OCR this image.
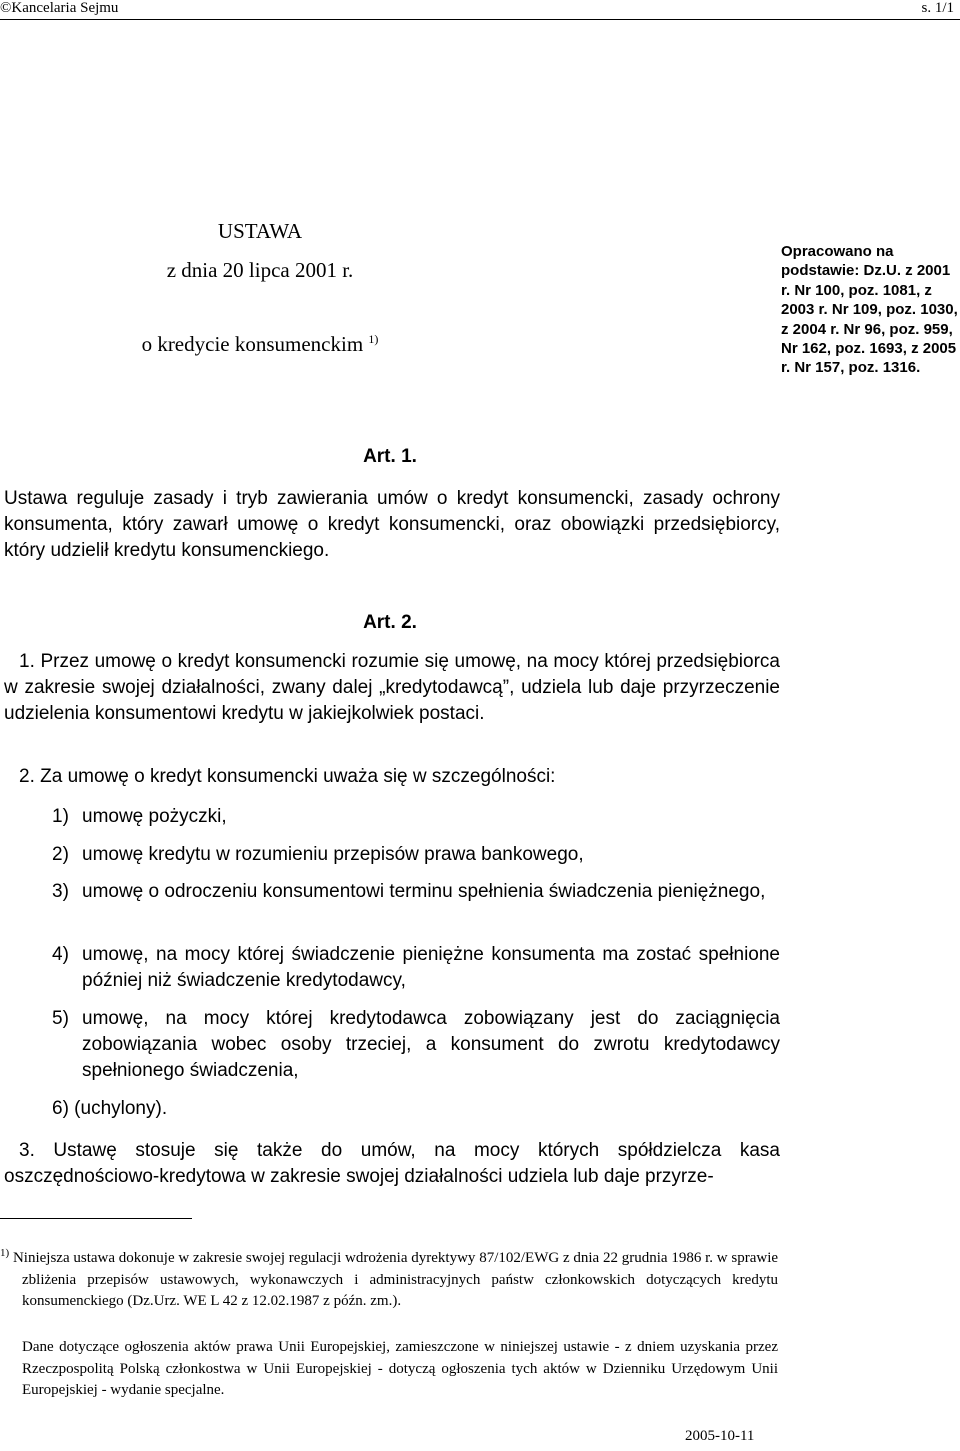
©Kancelaria Sejmu	s. 1/1
USTAWA
z dnia 20 lipca 2001 r.
o kredycie konsumenckim $^{1)}$
Opracowano na podstawie: Dz.U. z 2001 r. Nr 100, poz. 1081, z 2003 r. Nr 109, poz. 1030, z 2004 r. Nr 96, poz. 959, Nr 162, poz. 1693, z 2005 r. Nr 157, poz. 1316.
Art. 1.

Ustawa reguluje zasady i tryb zawierania umów o kredyt konsumencki, zasady ochrony konsumenta, który zawarł umowę o kredyt konsumencki, oraz obowiązki przedsiębiorcy, który udzielił kredytu konsumenckiego.

Art. 2.

1. Przez umowę o kredyt konsumencki rozumie się umowę, na mocy której przedsiębiorca w zakresie swojej działalności, zwany dalej „kredytodawcą”, udziela lub daje przyrzeczenie udzielenia konsumentowi kredytu w jakiejkolwiek postaci.

2. Za umowę o kredyt konsumencki uważa się w szczególności:

1) umowę pożyczki,
2) umowę kredytu w rozumieniu przepisów prawa bankowego,
3) umowę o odroczeniu konsumentowi terminu spełnienia świadczenia pieniężnego,
4) umowę, na mocy której świadczenie pieniężne konsumenta ma zostać spełnione później niż świadczenie kredytodawcy,
5) umowę, na mocy której kredytodawca zobowiązany jest do zaciągnięcia zobowiązania wobec osoby trzeciej, a konsument do zwrotu kredytodawcy spełnionego świadczenia,
6) (uchylony).

3. Ustawę stosuje się także do umów, na mocy których spółdzielcza kasa oszczędnościowo-kredytowa w zakresie swojej działalności udziela lub daje przyrze-

$^{1)}$ Niniejsza ustawa dokonuje w zakresie swojej regulacji wdrożenia dyrektywy 87/102/EWG z dnia 22 grudnia 1986 r. w sprawie zbliżenia przepisów ustawowych, wykonawczych i administracyjnych państw członkowskich dotyczących kredytu konsumenckiego (Dz.Urz. WE L 42 z 12.02.1987 z późn. zm.).

Dane dotyczące ogłoszenia aktów prawa Unii Europejskiej, zamieszczone w niniejszej ustawie - z dniem uzyskania przez Rzeczpospolitą Polską członkostwa w Unii Europejskiej - dotyczą ogłoszenia tych aktów w Dzienniku Urzędowym Unii Europejskiej - wydanie specjalne.

2005-10-11
